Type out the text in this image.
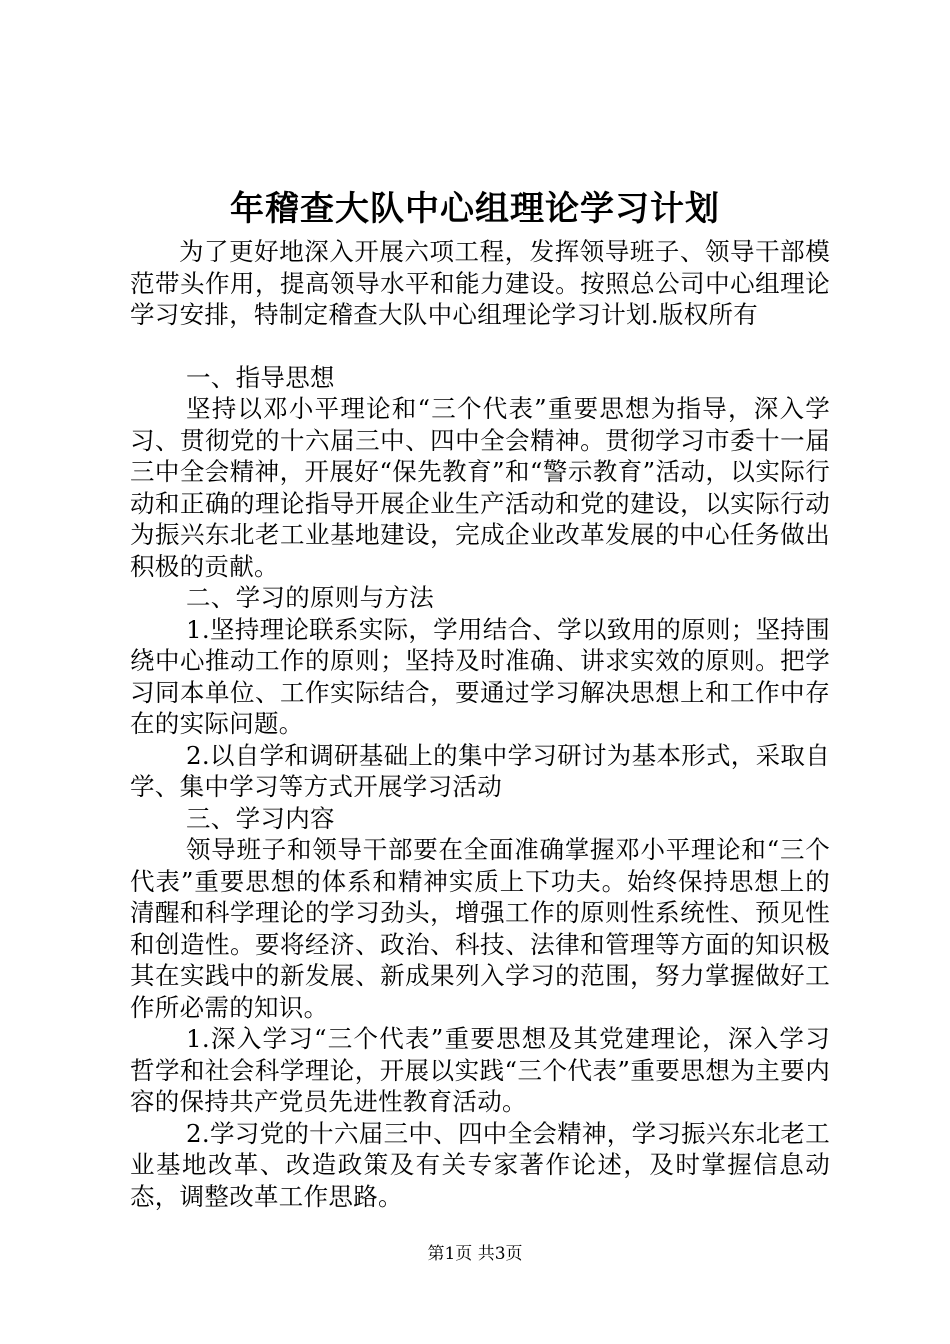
年稽查大队中心组理论学习计划

为了更好地深入开展六项工程，发挥领导班子、领导干部模范带头作用，提高领导水平和能力建设。按照总公司中心组理论学习安排，特制定稽查大队中心组理论学习计划.版权所有

一、指导思想

坚持以邓小平理论和“三个代表”重要思想为指导，深入学习、贯彻党的十六届三中、四中全会精神。贯彻学习市委十一届三中全会精神，开展好“保先教育”和“警示教育”活动，以实际行动和正确的理论指导开展企业生产活动和党的建设，以实际行动为振兴东北老工业基地建设，完成企业改革发展的中心任务做出积极的贡献。

二、学习的原则与方法

1.坚持理论联系实际，学用结合、学以致用的原则；坚持围绕中心推动工作的原则；坚持及时准确、讲求实效的原则。把学习同本单位、工作实际结合，要通过学习解决思想上和工作中存在的实际问题。

2.以自学和调研基础上的集中学习研讨为基本形式，采取自学、集中学习等方式开展学习活动

三、学习内容

领导班子和领导干部要在全面准确掌握邓小平理论和“三个代表”重要思想的体系和精神实质上下功夫。始终保持思想上的清醒和科学理论的学习劲头，增强工作的原则性系统性、预见性和创造性。要将经济、政治、科技、法律和管理等方面的知识极其在实践中的新发展、新成果列入学习的范围，努力掌握做好工作所必需的知识。

1.深入学习“三个代表”重要思想及其党建理论，深入学习哲学和社会科学理论，开展以实践“三个代表”重要思想为主要内容的保持共产党员先进性教育活动。

2.学习党的十六届三中、四中全会精神，学习振兴东北老工业基地改革、改造政策及有关专家著作论述，及时掌握信息动态，调整改革工作思路。

第1页 共3页
